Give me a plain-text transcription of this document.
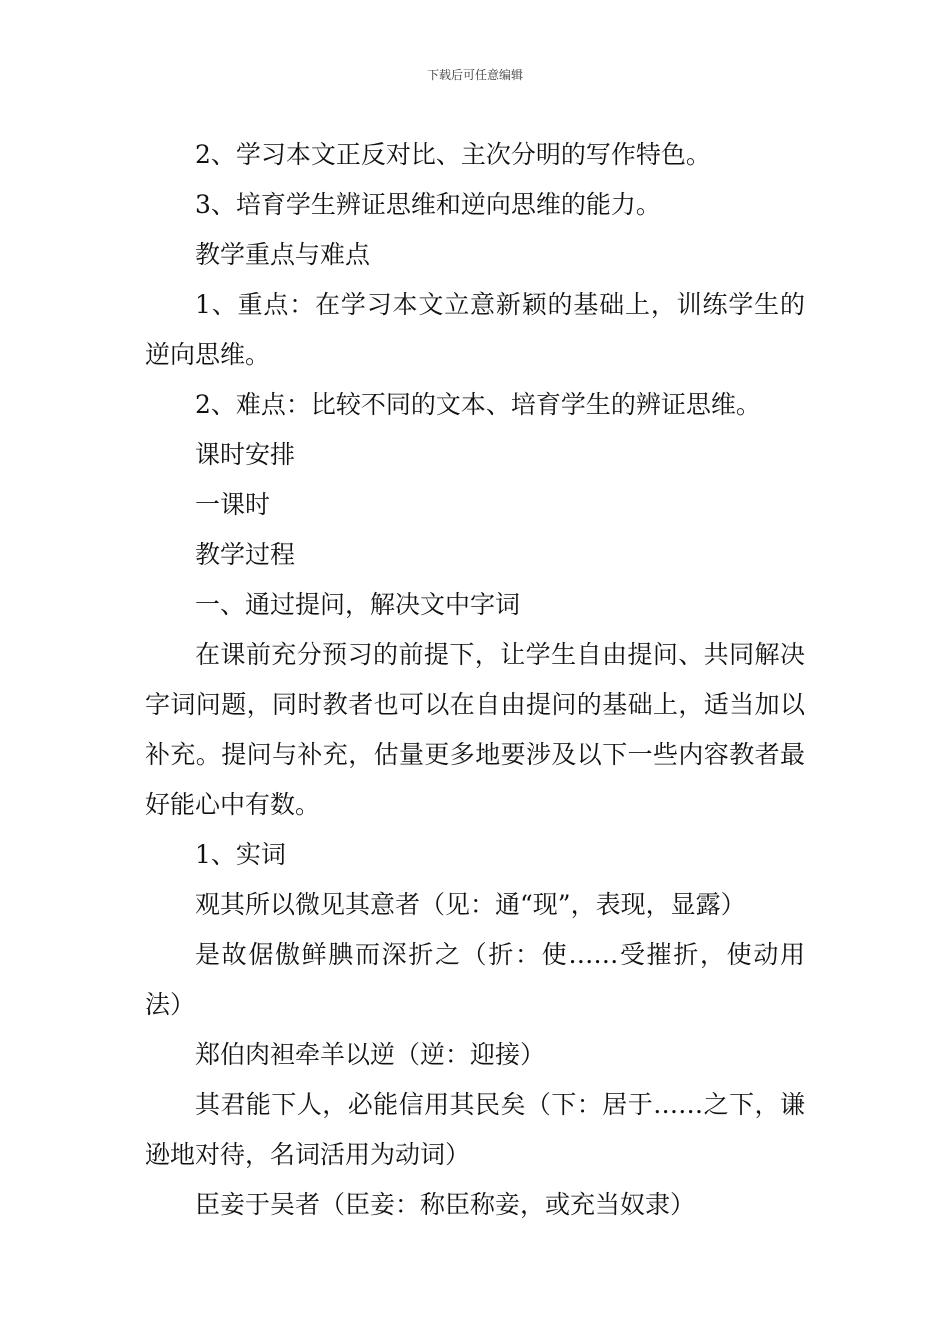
下载后可任意编辑

2、学习本文正反对比、主次分明的写作特色。

3、培育学生辨证思维和逆向思维的能力。

教学重点与难点

1、重点：在学习本文立意新颖的基础上，训练学生的逆向思维。

2、难点：比较不同的文本、培育学生的辨证思维。

课时安排

一课时

教学过程

一、通过提问，解决文中字词

在课前充分预习的前提下，让学生自由提问、共同解决字词问题，同时教者也可以在自由提问的基础上，适当加以补充。提问与补充，估量更多地要涉及以下一些内容教者最好能心中有数。

1、实词

观其所以微见其意者（见：通“现”，表现，显露）

是故倨傲鲜腆而深折之（折：使……受摧折，使动用法）

郑伯肉袒牵羊以逆（逆：迎接）

其君能下人，必能信用其民矣（下：居于……之下，谦逊地对待，名词活用为动词）

臣妾于吴者（臣妾：称臣称妾，或充当奴隶）
